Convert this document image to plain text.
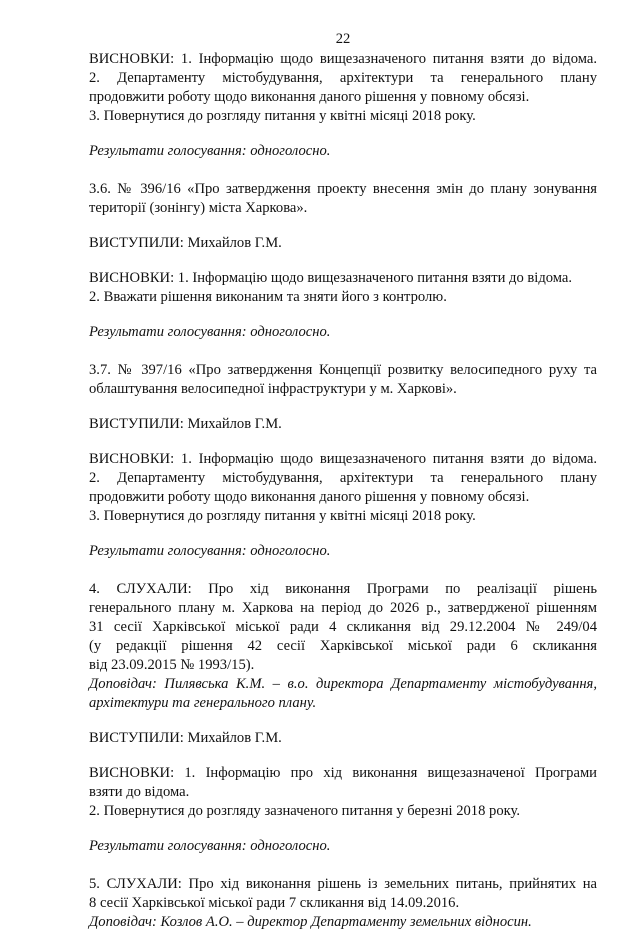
22

ВИСНОВКИ: 1. Інформацію щодо вищезазначеного питання взяти до відома.

2. Департаменту містобудування, архітектури та генерального плану

продовжити роботу щодо виконання даного рішення у повному обсязі.

3. Повернутися до розгляду питання у квітні місяці 2018 року.

Результати голосування: одноголосно.

3.6. № 396/16 «Про затвердження проекту внесення змін до плану зонування

території (зонінгу) міста Харкова».

ВИСТУПИЛИ: Михайлов Г.М.

ВИСНОВКИ: 1. Інформацію щодо вищезазначеного питання взяти до відома.

2. Вважати рішення виконаним та зняти його з контролю.

Результати голосування: одноголосно.

3.7. № 397/16 «Про затвердження Концепції розвитку велосипедного руху та

облаштування велосипедної інфраструктури у м. Харкові».

ВИСТУПИЛИ: Михайлов Г.М.

ВИСНОВКИ: 1. Інформацію щодо вищезазначеного питання взяти до відома.

2. Департаменту містобудування, архітектури та генерального плану

продовжити роботу щодо виконання даного рішення у повному обсязі.

3. Повернутися до розгляду питання у квітні місяці 2018 року.

Результати голосування: одноголосно.

4. СЛУХАЛИ: Про хід виконання Програми по реалізації рішень

генерального плану м. Харкова на період до 2026 р., затвердженої рішенням

31 сесії Харківської міської ради 4 скликання від 29.12.2004 № 249/04

(у редакції рішення 42 сесії Харківської міської ради 6 скликання

від 23.09.2015 № 1993/15).

Доповідач: Пилявська К.М. – в.о. директора Департаменту містобудування,

архітектури та генерального плану.

ВИСТУПИЛИ: Михайлов Г.М.

ВИСНОВКИ: 1. Інформацію про хід виконання вищезазначеної Програми

взяти до відома.

2. Повернутися до розгляду зазначеного питання у березні 2018 року.

Результати голосування: одноголосно.

5. СЛУХАЛИ: Про хід виконання рішень із земельних питань, прийнятих на

8 сесії Харківської міської ради 7 скликання від 14.09.2016.

Доповідач: Козлов А.О. – директор Департаменту земельних відносин.
